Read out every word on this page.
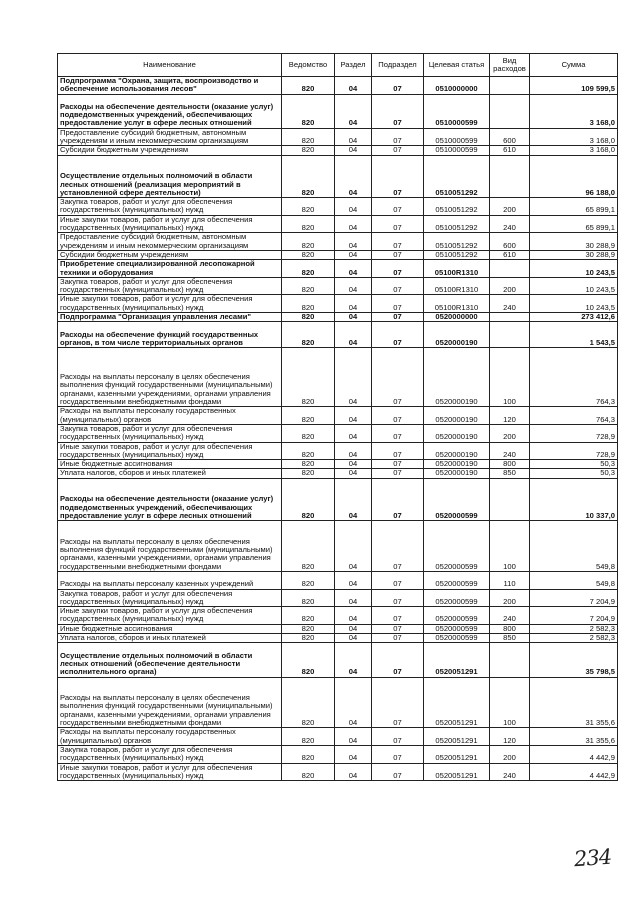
Наименование	Ведомство	Раздел	Подраздел	Целевая статья	Вид расходов	Сумма
Подпрограмма "Охрана, защита, воспроизводство и обеспечение использования лесов"	820	04	07	0510000000		109 599,5
Расходы на обеспечение деятельности (оказание услуг) подведомственных учреждений, обеспечивающих предоставление услуг в сфере лесных отношений	820	04	07	0510000599		3 168,0
Предоставление субсидий бюджетным, автономным учреждениям и иным некоммерческим организациям	820	04	07	0510000599	600	3 168,0
Субсидии бюджетным учреждениям	820	04	07	0510000599	610	3 168,0
Осуществление отдельных полномочий в области лесных отношений (реализация мероприятий в установленной сфере деятельности)	820	04	07	0510051292		96 188,0
Закупка товаров, работ и услуг для обеспечения государственных (муниципальных) нужд	820	04	07	0510051292	200	65 899,1
Иные закупки товаров, работ и услуг для обеспечения государственных (муниципальных) нужд	820	04	07	0510051292	240	65 899,1
Предоставление субсидий бюджетным, автономным учреждениям и иным некоммерческим организациям	820	04	07	0510051292	600	30 288,9
Субсидии бюджетным учреждениям	820	04	07	0510051292	610	30 288,9
Приобретение специализированной лесопожарной техники и оборудования	820	04	07	05100R1310		10 243,5
Закупка товаров, работ и услуг для обеспечения государственных (муниципальных) нужд	820	04	07	05100R1310	200	10 243,5
Иные закупки товаров, работ и услуг для обеспечения государственных (муниципальных) нужд	820	04	07	05100R1310	240	10 243,5
Подпрограмма "Организация управления лесами"	820	04	07	0520000000		273 412,6
Расходы на обеспечение функций государственных органов, в том числе территориальных органов	820	04	07	0520000190		1 543,5
Расходы на выплаты персоналу в целях обеспечения выполнения функций государственными (муниципальными) органами, казенными учреждениями, органами управления государственными внебюджетными фондами	820	04	07	0520000190	100	764,3
Расходы на выплаты персоналу государственных (муниципальных) органов	820	04	07	0520000190	120	764,3
Закупка товаров, работ и услуг для обеспечения государственных (муниципальных) нужд	820	04	07	0520000190	200	728,9
Иные закупки товаров, работ и услуг для обеспечения государственных (муниципальных) нужд	820	04	07	0520000190	240	728,9
Иные бюджетные ассигнования	820	04	07	0520000190	800	50,3
Уплата налогов, сборов и иных платежей	820	04	07	0520000190	850	50,3
Расходы на обеспечение деятельности (оказание услуг) подведомственных учреждений, обеспечивающих предоставление услуг в сфере лесных отношений	820	04	07	0520000599		10 337,0
Расходы на выплаты персоналу в целях обеспечения выполнения функций государственными (муниципальными) органами, казенными учреждениями, органами управления государственными внебюджетными фондами	820	04	07	0520000599	100	549,8
Расходы на выплаты персоналу казенных учреждений	820	04	07	0520000599	110	549,8
Закупка товаров, работ и услуг для обеспечения государственных (муниципальных) нужд	820	04	07	0520000599	200	7 204,9
Иные закупки товаров, работ и услуг для обеспечения государственных (муниципальных) нужд	820	04	07	0520000599	240	7 204,9
Иные бюджетные ассигнования	820	04	07	0520000599	800	2 582,3
Уплата налогов, сборов и иных платежей	820	04	07	0520000599	850	2 582,3
Осуществление отдельных полномочий в области лесных отношений (обеспечение деятельности исполнительного органа)	820	04	07	0520051291		35 798,5
Расходы на выплаты персоналу в целях обеспечения выполнения функций государственными (муниципальными) органами, казенными учреждениями, органами управления государственными внебюджетными фондами	820	04	07	0520051291	100	31 355,6
Расходы на выплаты персоналу государственных (муниципальных) органов	820	04	07	0520051291	120	31 355,6
Закупка товаров, работ и услуг для обеспечения государственных (муниципальных) нужд	820	04	07	0520051291	200	4 442,9
Иные закупки товаров, работ и услуг для обеспечения государственных (муниципальных) нужд	820	04	07	0520051291	240	4 442,9
234
